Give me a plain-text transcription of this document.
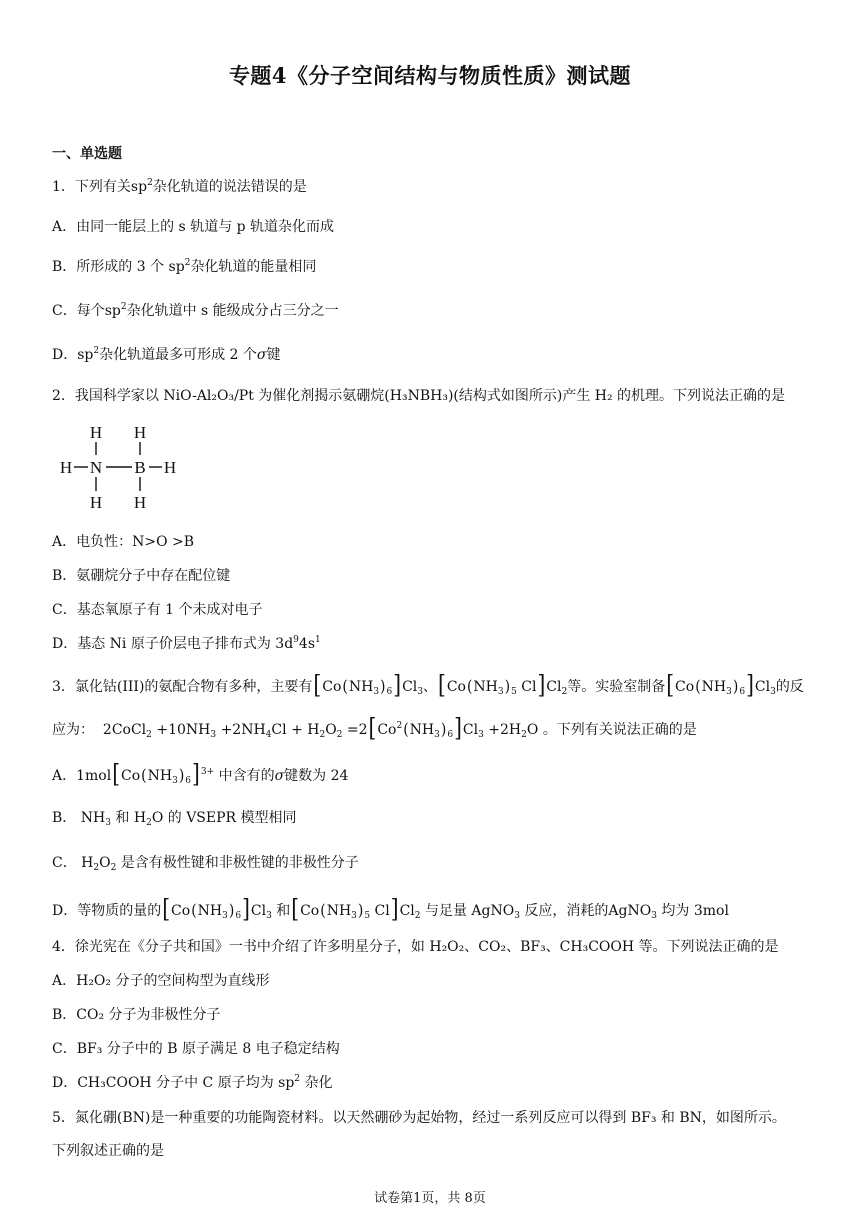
专题4《分子空间结构与物质性质》测试题
一、单选题
1．下列有关$sp^2$杂化轨道的说法错误的是
A．由同一能层上的 s 轨道与 p 轨道杂化而成
B．所形成的 3 个 $sp^2$杂化轨道的能量相同
C．每个$sp^2$杂化轨道中 s 能级成分占三分之一
D．$sp^2$杂化轨道最多可形成 2 个σ键
2．我国科学家以 NiO-Al₂O₃/Pt 为催化剂揭示氨硼烷(H₃NBH₃)(结构式如图所示)产生 H₂ 的机理。下列说法正确的是
H H
H N B H
H H
A．电负性：N>O >B
B．氨硼烷分子中存在配位键
C．基态氧原子有 1 个未成对电子
D．基态 Ni 原子价层电子排布式为 $3d^94s^1$
3．氯化钴(III)的氨配合物有多种，主要有$[Co(NH_3)_6]Cl_3$、[$Co(NH_3)_5$ $Cl]Cl_2$等。实验室制备$[Co(NH_3)_6]Cl_3$的反
应为： 2CoCl$_2$ $+10NH_3 +2NH_4Cl + H_2O_2 =2[Co^2(NH_3)_6]Cl_3 +2H_2O$ 。下列有关说法正确的是
A．$1mol[Co(NH_3)_6]^{3+}$ 中含有的σ键数为 24
B． $NH_3$ 和 $H_2O$ 的 VSEPR 模型相同
C． $H_2O_2$ 是含有极性键和非极性键的非极性分子
D．等物质的量的$[Co(NH_3)_6]Cl_3$ 和[$Co(NH_3)_5$ $Cl]Cl_2$ 与足量 AgNO$_3$ 反应，消耗的AgNO$_3$ 均为 3mol
4．徐光宪在《分子共和国》一书中介绍了许多明星分子，如 H₂O₂、CO₂、BF₃、CH₃COOH 等。下列说法正确的是
A．H₂O₂ 分子的空间构型为直线形
B．CO₂ 分子为非极性分子
C．BF₃ 分子中的 B 原子满足 8 电子稳定结构
D．CH₃COOH 分子中 C 原子均为 $sp^2$ 杂化
5．氮化硼(BN)是一种重要的功能陶瓷材料。以天然硼砂为起始物，经过一系列反应可以得到 BF₃ 和 BN，如图所示。
下列叙述正确的是
试卷第1页，共 8页
